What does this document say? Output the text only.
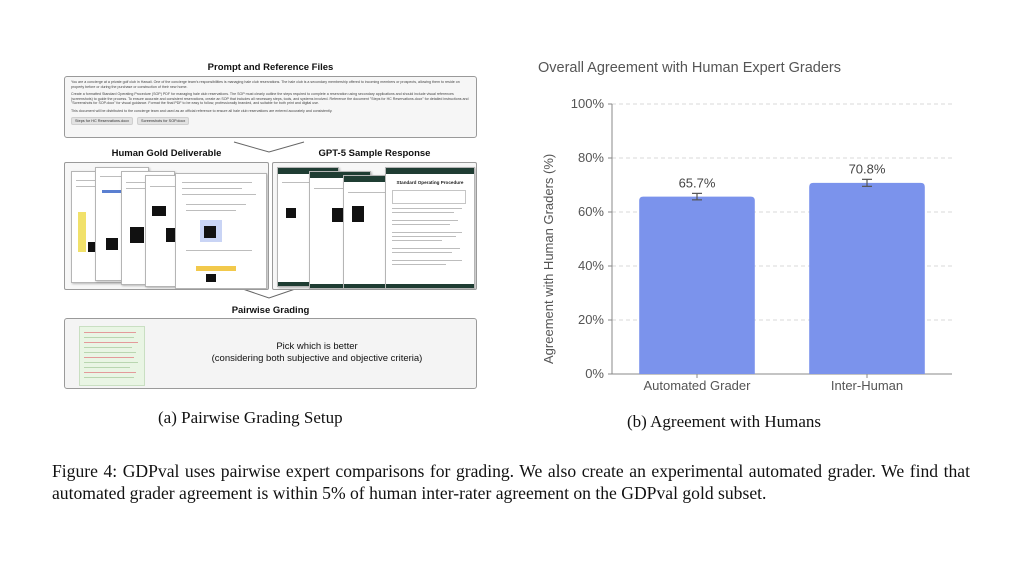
Prompt and Reference Files

You are a concierge at a private golf club in Hawaii. One of the concierge team's responsibilities is managing hale club reservations. The hale club is a secondary membership offered to incoming members or prospects, allowing them to reside on property before or during the purchase or construction of their new home.

Create a formatted Standard Operating Procedure (SOP) PDF for managing hale club reservations. The SOP must clearly outline the steps required to complete a reservation using secondary applications and should include visual references (screenshots) to guide the process. To ensure accurate and consistent reservations, create an SOP that includes all necessary steps, tools, and systems involved. Reference the document "Steps for HC Reservations.docx" for detailed instructions and "Screenshots for SOP.docx" for visual guidance. Format the final PDF to be easy to follow, professionally branded, and suitable for both print and digital use.

This document will be distributed to the concierge team and used as an official reference to ensure all hale club reservations are entered accurately and consistently.

Steps for HC Reservations.docx	Screenshots for SOP.docx
Human Gold Deliverable	GPT-5 Sample Response
Standard Operating Procedure
Pairwise Grading
Pick which is better
(considering both subjective and objective criteria)
(a) Pairwise Grading Setup
Overall Agreement with Human Expert Graders
Agreement with Human Graders (%)
0%
20%
40%
60%
80%
100%
65.7%
Automated Grader
70.8%
Inter-Human
(b) Agreement with Humans
Figure 4: GDPval uses pairwise expert comparisons for grading. We also create an experimental automated grader. We find that automated grader agreement is within 5% of human inter-rater agreement on the GDPval gold subset.
